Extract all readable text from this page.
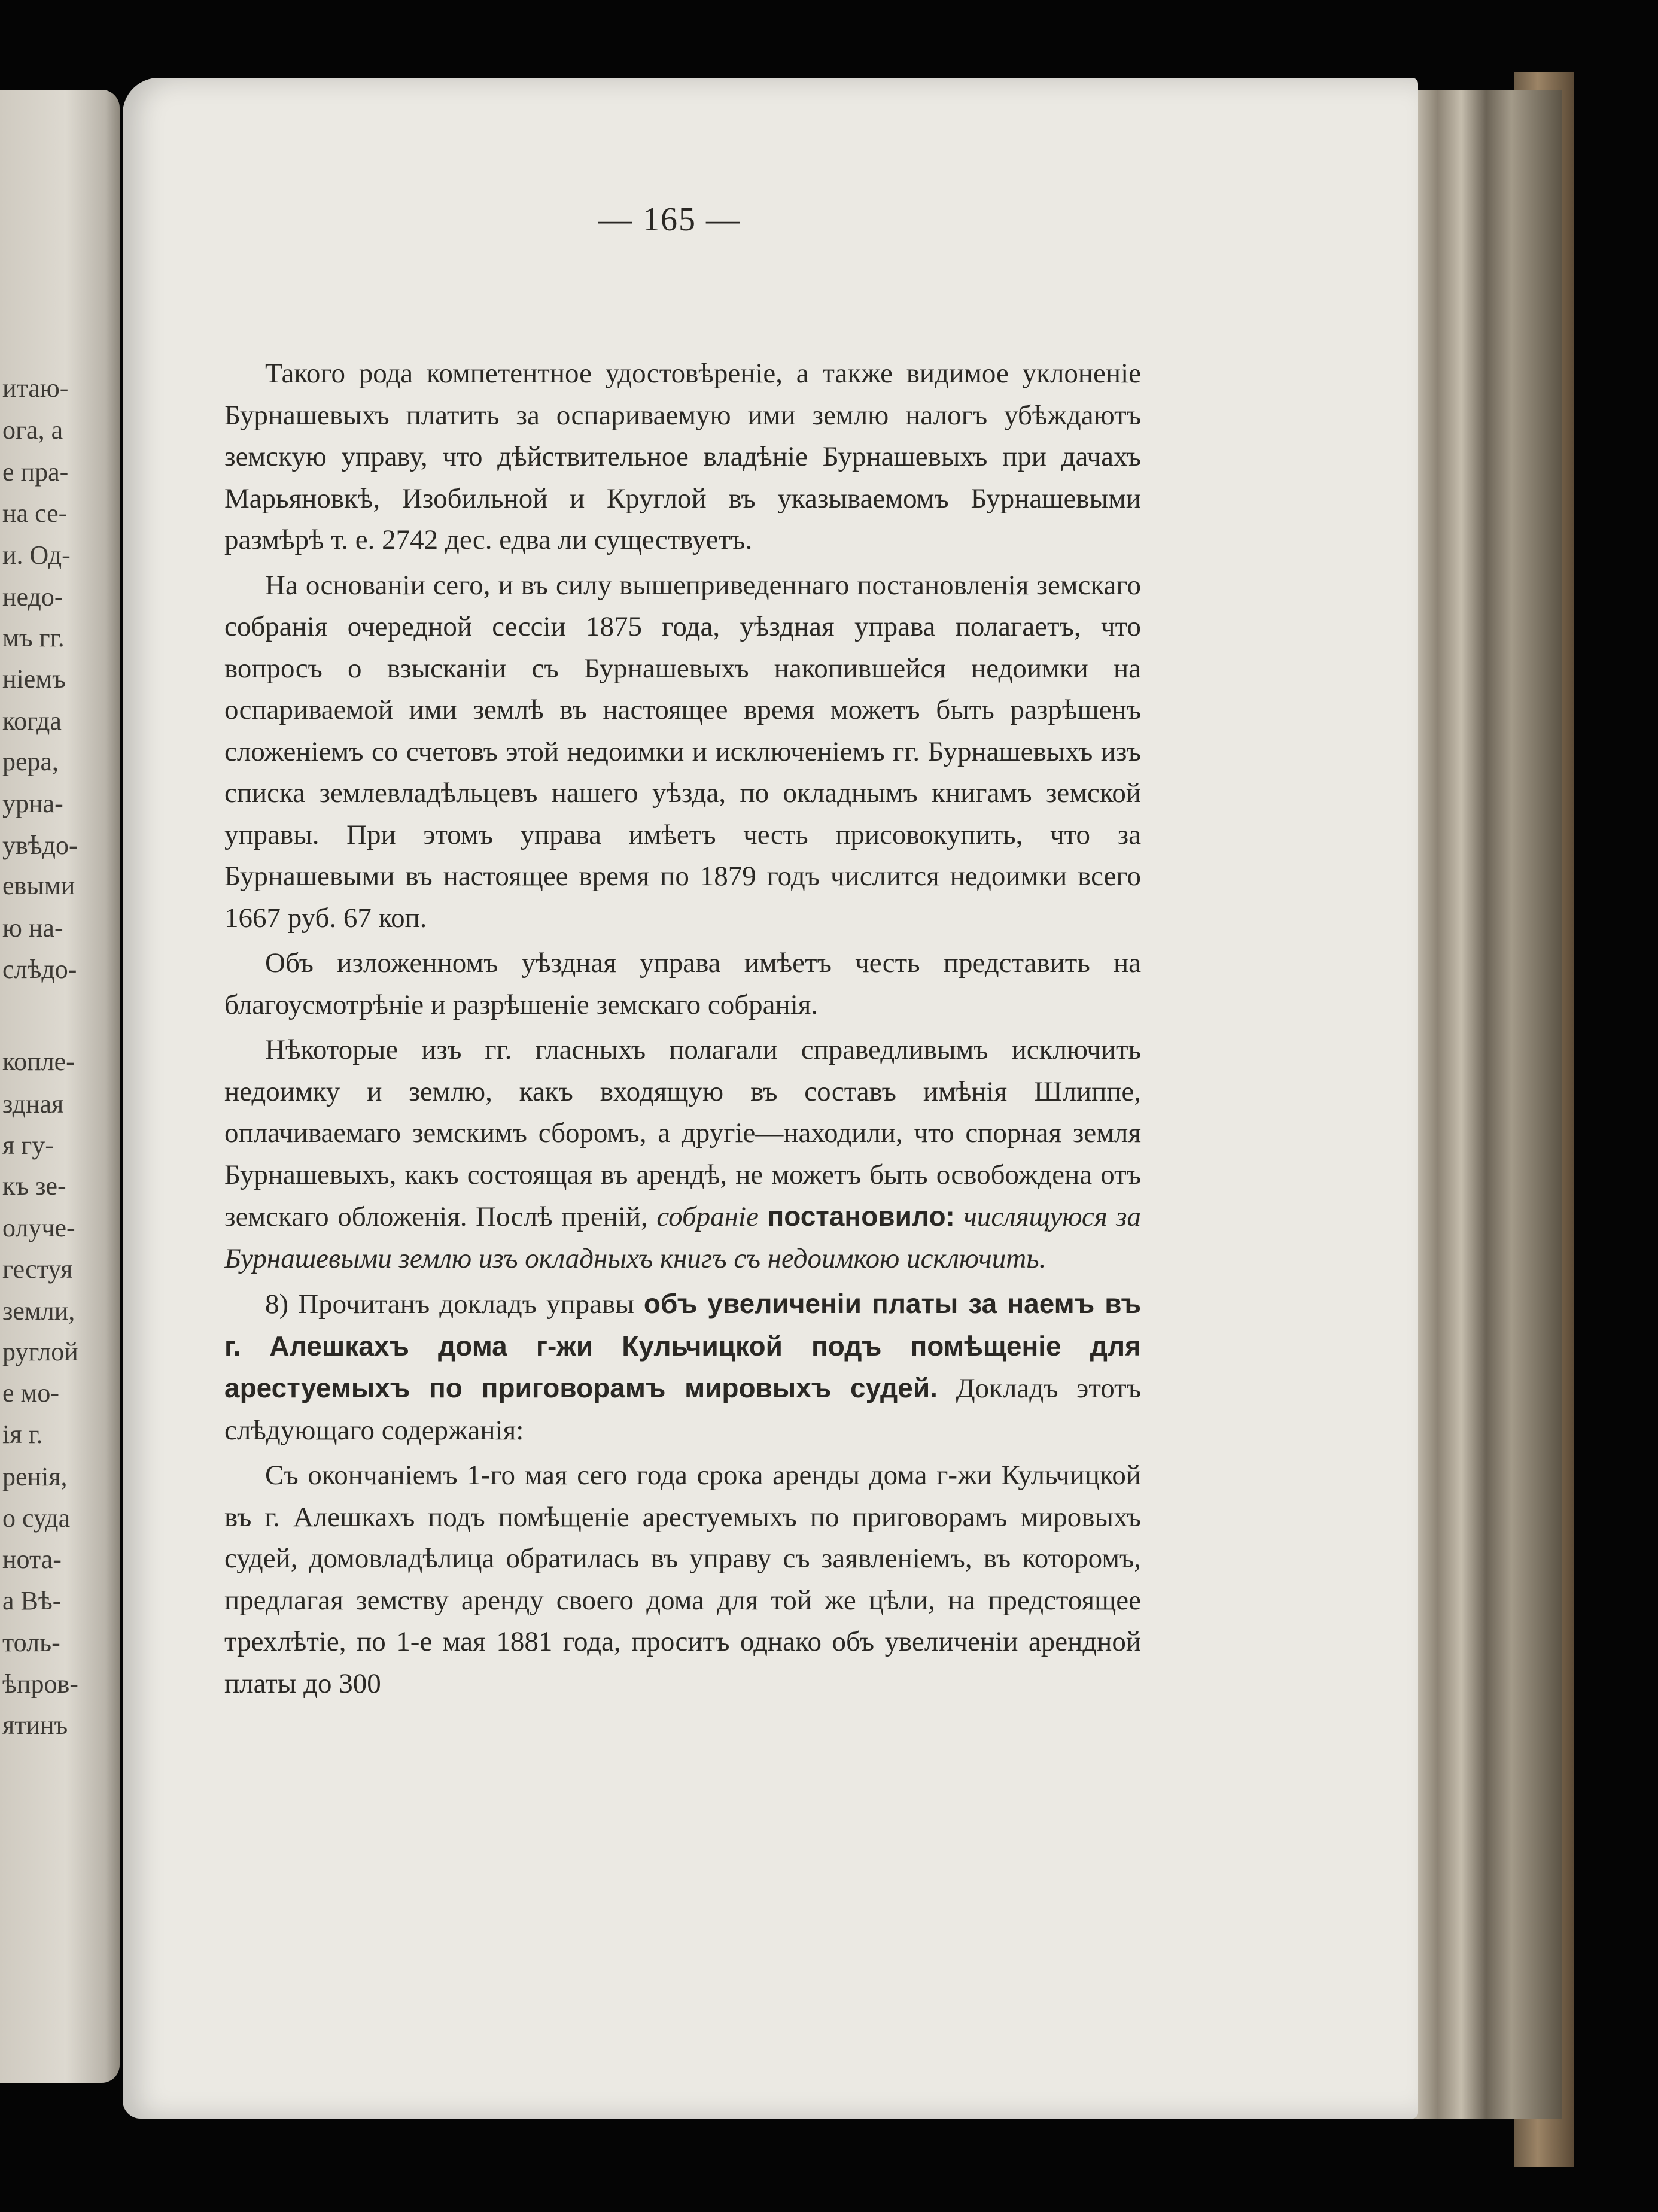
итаю-
ога, а
е пра-
на се-
и. Од-
недо-
мъ гг.
ніемъ
когда
рера,
урна-
увѣдо-
евыми
ю на-
слѣдо-
копле-
здная
я гу-
къ зе-
олуче-
гестуя
земли,
руглой
е мо-
ія г.
ренія,
о суда
нота-
а Вѣ-
толь-
ѣпров-
ятинъ
— 165 —

Такого рода компетентное удостовѣреніе, а также видимое уклоненіе Бурнашевыхъ платить за оспариваемую ими землю налогъ убѣждаютъ земскую управу, что дѣйствительное владѣніе Бурнашевыхъ при дачахъ Марьяновкѣ, Изобильной и Круглой въ указываемомъ Бурнашевыми размѣрѣ т. е. 2742 дес. едва ли существуетъ.

На основаніи сего, и въ силу вышеприведеннаго постановленія земскаго собранія очередной сессіи 1875 года, уѣздная управа полагаетъ, что вопросъ о взысканіи съ Бурнашевыхъ накопившейся недоимки на оспариваемой ими землѣ въ настоящее время можетъ быть разрѣшенъ сложеніемъ со счетовъ этой недоимки и исключеніемъ гг. Бурнашевыхъ изъ списка землевладѣльцевъ нашего уѣзда, по окладнымъ книгамъ земской управы. При этомъ управа имѣетъ честь присовокупить, что за Бурнашевыми въ настоящее время по 1879 годъ числится недоимки всего 1667 руб. 67 коп.

Объ изложенномъ уѣздная управа имѣетъ честь представить на благоусмотрѣніе и разрѣшеніе земскаго собранія.

Нѣкоторые изъ гг. гласныхъ полагали справедливымъ исключить недоимку и землю, какъ входящую въ составъ имѣнія Шлиппе, оплачиваемаго земскимъ сборомъ, а другіе—находили, что спорная земля Бурнашевыхъ, какъ состоящая въ арендѣ, не можетъ быть освобождена отъ земскаго обложенія. Послѣ преній, собраніе постановило: числящуюся за Бурнашевыми землю изъ окладныхъ книгъ съ недоимкою исключить.

8) Прочитанъ докладъ управы объ увеличеніи платы за наемъ въ г. Алешкахъ дома г-жи Кульчицкой подъ помѣщеніе для арестуемыхъ по приговорамъ мировыхъ судей. Докладъ этотъ слѣдующаго содержанія:

Съ окончаніемъ 1-го мая сего года срока аренды дома г-жи Кульчицкой въ г. Алешкахъ подъ помѣщеніе арестуемыхъ по приговорамъ мировыхъ судей, домовладѣлица обратилась въ управу съ заявленіемъ, въ которомъ, предлагая земству аренду своего дома для той же цѣли, на предстоящее трехлѣтіе, по 1-е мая 1881 года, проситъ однако объ увеличеніи арендной платы до 300
